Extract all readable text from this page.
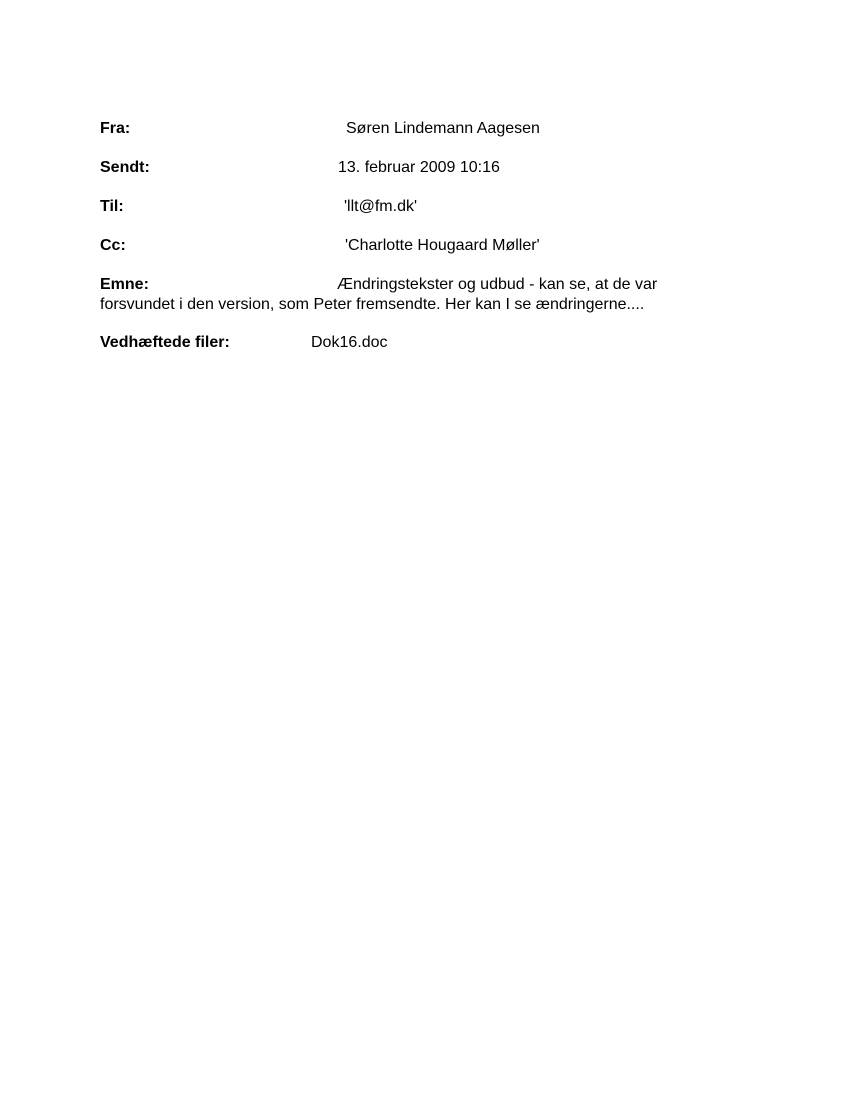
Fra:	Søren Lindemann Aagesen
Sendt:	13. februar 2009 10:16
Til:	'llt@fm.dk'
Cc:	'Charlotte Hougaard Møller'
Emne:	Ændringstekster og udbud - kan se, at de var
forsvundet i den version, som Peter fremsendte. Her kan I se ændringerne....
Vedhæftede filer:	Dok16.doc
